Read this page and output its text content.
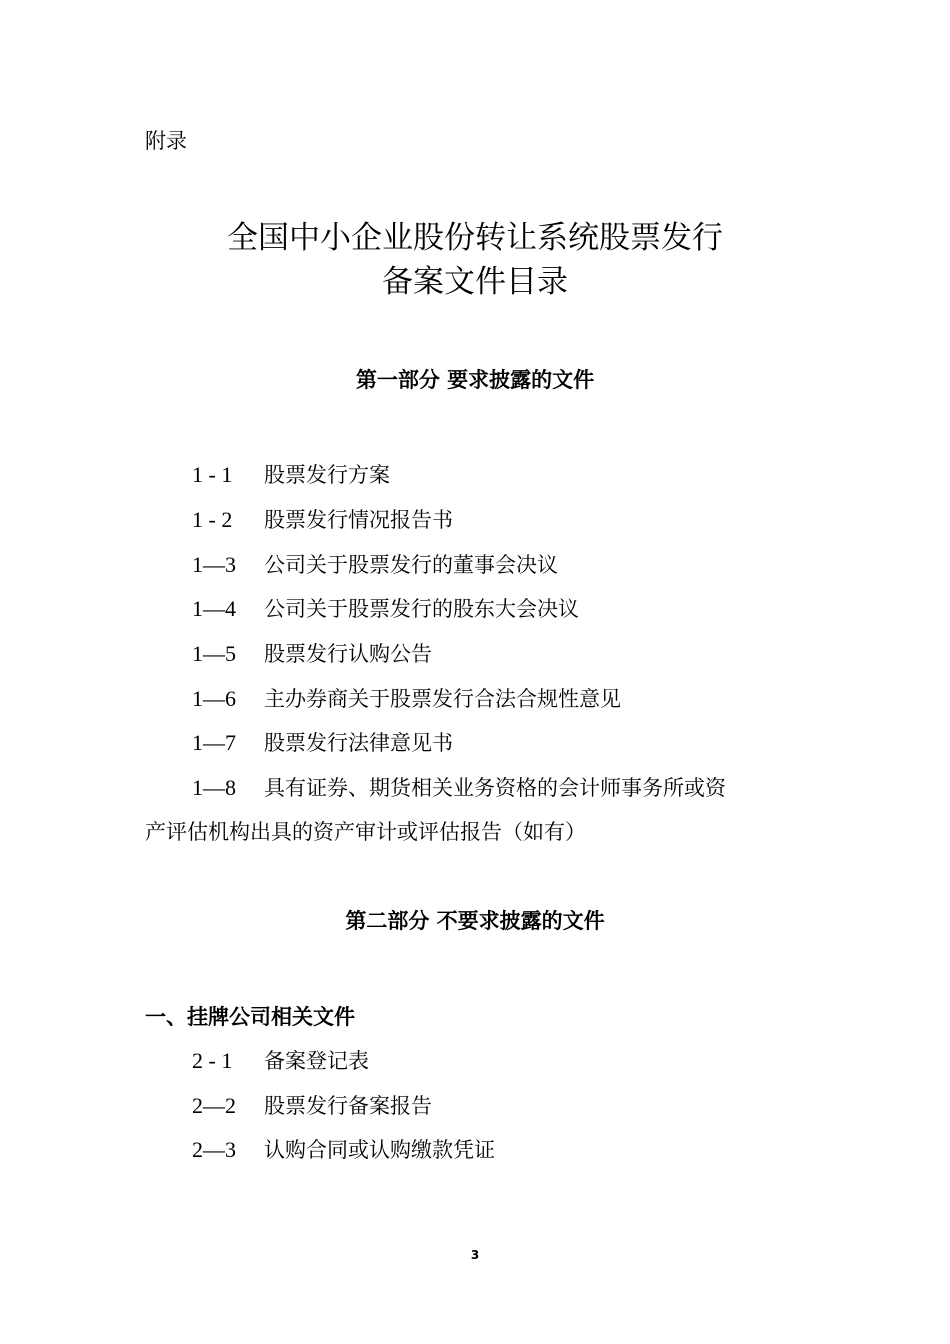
附录
全国中小企业股份转让系统股票发行
备案文件目录
第一部分 要求披露的文件
1 - 1 股票发行方案
1 - 2 股票发行情况报告书
1—3 公司关于股票发行的董事会决议
1—4 公司关于股票发行的股东大会决议
1—5 股票发行认购公告
1—6 主办券商关于股票发行合法合规性意见
1—7 股票发行法律意见书
1—8 具有证券、期货相关业务资格的会计师事务所或资
产评估机构出具的资产审计或评估报告（如有）
第二部分 不要求披露的文件
一、挂牌公司相关文件
2 - 1 备案登记表
2—2 股票发行备案报告
2—3 认购合同或认购缴款凭证
3
